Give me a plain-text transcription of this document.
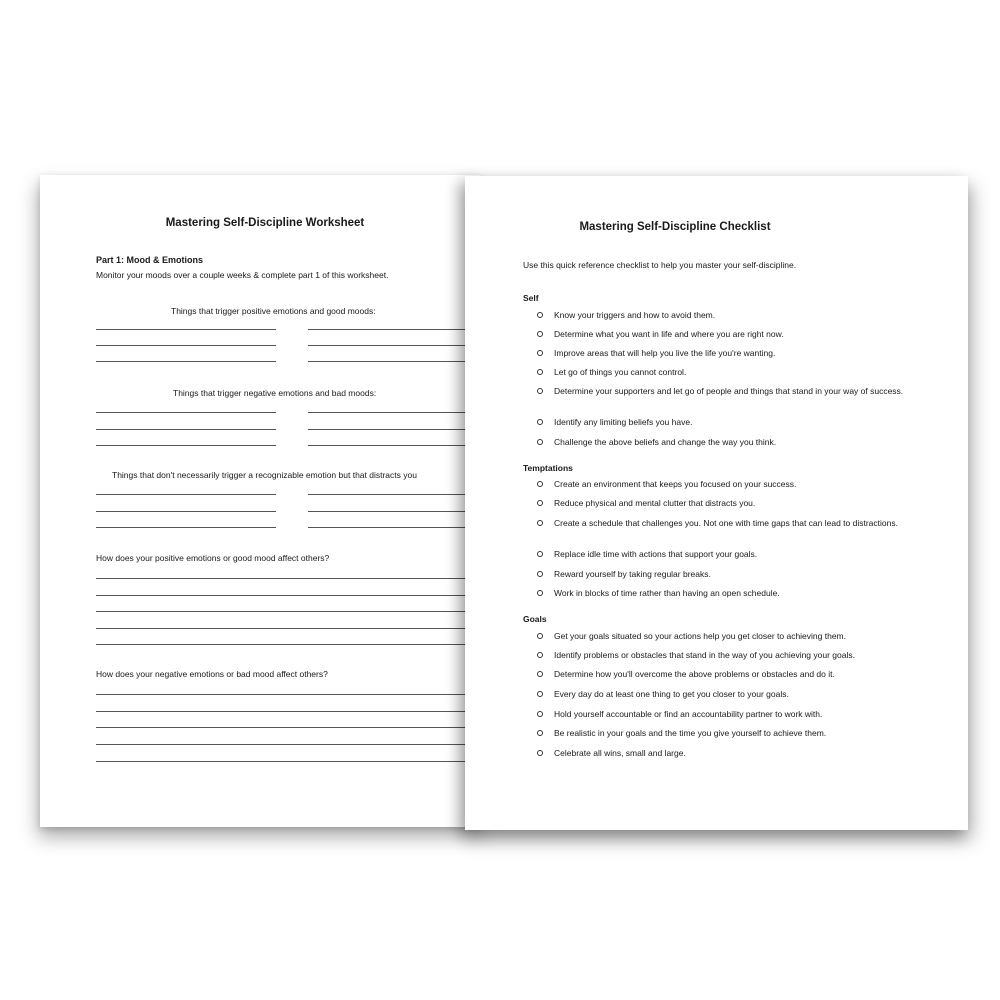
Mastering Self-Discipline Worksheet
Part 1: Mood & Emotions
Monitor your moods over a couple weeks & complete part 1 of this worksheet.
Things that trigger positive emotions and good moods:
Things that trigger negative emotions and bad moods:
Things that don't necessarily trigger a recognizable emotion but that distracts you
How does your positive emotions or good mood affect others?
How does your negative emotions or bad mood affect others?
Mastering Self-Discipline Checklist
Use this quick reference checklist to help you master your self-discipline.
Self
Know your triggers and how to avoid them.
Determine what you want in life and where you are right now.
Improve areas that will help you live the life you're wanting.
Let go of things you cannot control.
Determine your supporters and let go of people and things that stand in your way of success.
Identify any limiting beliefs you have.
Challenge the above beliefs and change the way you think.
Temptations
Create an environment that keeps you focused on your success.
Reduce physical and mental clutter that distracts you.
Create a schedule that challenges you. Not one with time gaps that can lead to distractions.
Replace idle time with actions that support your goals.
Reward yourself by taking regular breaks.
Work in blocks of time rather than having an open schedule.
Goals
Get your goals situated so your actions help you get closer to achieving them.
Identify problems or obstacles that stand in the way of you achieving your goals.
Determine how you'll overcome the above problems or obstacles and do it.
Every day do at least one thing to get you closer to your goals.
Hold yourself accountable or find an accountability partner to work with.
Be realistic in your goals and the time you give yourself to achieve them.
Celebrate all wins, small and large.
